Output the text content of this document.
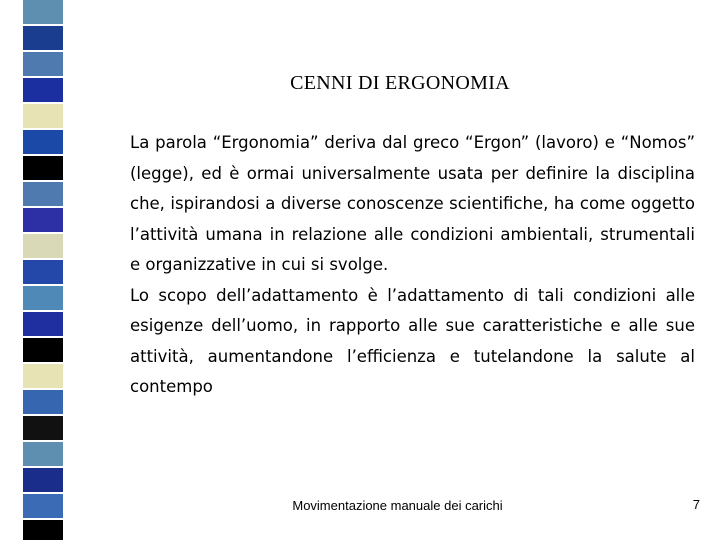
CENNI DI ERGONOMIA

La parola “Ergonomia” deriva dal greco “Ergon” (lavoro) e “Nomos” (legge), ed è ormai universalmente usata per definire la disciplina che, ispirandosi a diverse conoscenze scientifiche, ha come oggetto l’attività umana in relazione alle condizioni ambientali, strumentali e organizzative in cui si svolge.

Lo scopo dell’adattamento è l’adattamento di tali condizioni alle esigenze dell’uomo, in rapporto alle sue caratteristiche e alle sue attività, aumentandone l’efficienza e tutelandone la salute al contempo

Movimentazione manuale dei carichi	7
